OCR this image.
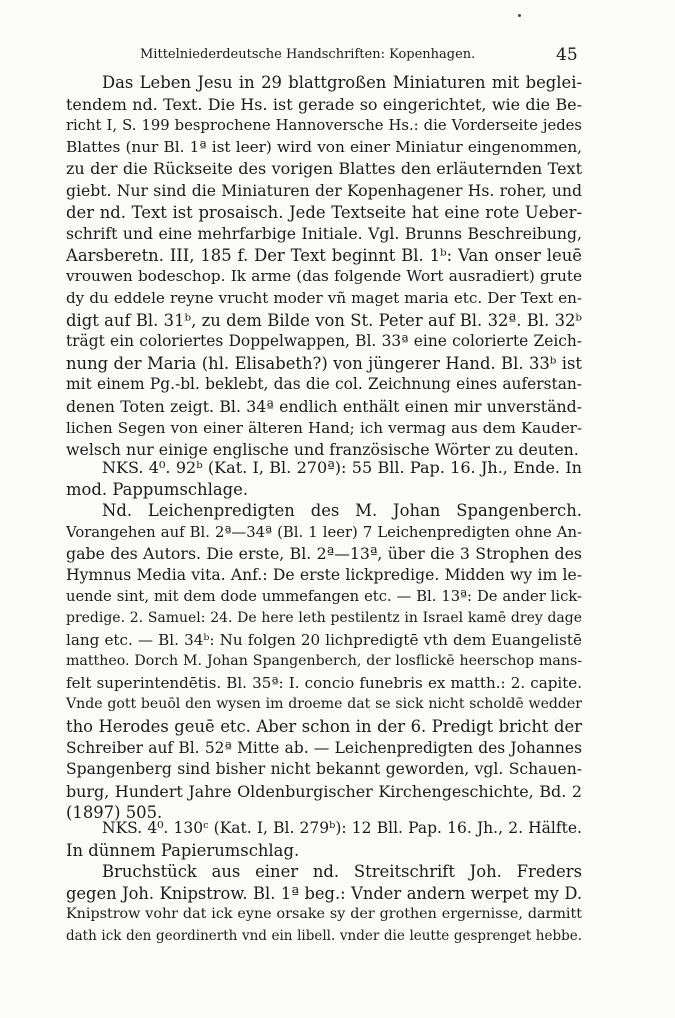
Mittelniederdeutsche Handschriften: Kopenhagen.	45
Das Leben Jesu in 29 blattgroßen Miniaturen mit beglei-
tendem nd. Text. Die Hs. ist gerade so eingerichtet, wie die Be-
richt I, S. 199 besprochene Hannoversche Hs.: die Vorderseite jedes
Blattes (nur Bl. 1ª ist leer) wird von einer Miniatur eingenommen,
zu der die Rückseite des vorigen Blattes den erläuternden Text
giebt. Nur sind die Miniaturen der Kopenhagener Hs. roher, und
der nd. Text ist prosaisch. Jede Textseite hat eine rote Ueber-
schrift und eine mehrfarbige Initiale. Vgl. Brunns Beschreibung,
Aarsberetn. III, 185 f. Der Text beginnt Bl. 1ᵇ: Van onser leuē
vrouwen bodeschop. Ik arme (das folgende Wort ausradiert) grute
dy du eddele reyne vrucht moder vñ maget maria etc. Der Text en-
digt auf Bl. 31ᵇ, zu dem Bilde von St. Peter auf Bl. 32ª. Bl. 32ᵇ
trägt ein coloriertes Doppelwappen, Bl. 33ª eine colorierte Zeich-
nung der Maria (hl. Elisabeth?) von jüngerer Hand. Bl. 33ᵇ ist
mit einem Pg.-bl. beklebt, das die col. Zeichnung eines auferstan-
denen Toten zeigt. Bl. 34ª endlich enthält einen mir unverständ-
lichen Segen von einer älteren Hand; ich vermag aus dem Kauder-
welsch nur einige englische und französische Wörter zu deuten.
NKS. 4⁰. 92ᵇ (Kat. I, Bl. 270ª): 55 Bll. Pap. 16. Jh., Ende. In
mod. Pappumschlage.
Nd. Leichenpredigten des M. Johan Spangenberch.
Vorangehen auf Bl. 2ª—34ª (Bl. 1 leer) 7 Leichenpredigten ohne An-
gabe des Autors. Die erste, Bl. 2ª—13ª, über die 3 Strophen des
Hymnus Media vita. Anf.: De erste lickpredige. Midden wy im le-
uende sint, mit dem dode ummefangen etc. — Bl. 13ª: De ander lick-
predige. 2. Samuel: 24. De here leth pestilentz in Israel kamē drey dage
lang etc. — Bl. 34ᵇ: Nu folgen 20 lichpredigtē vth dem Euangelistē
mattheo. Dorch M. Johan Spangenberch, der losflickē heerschop mans-
felt superintendētis. Bl. 35ª: I. concio funebris ex matth.: 2. capite.
Vnde gott beuōl den wysen im droeme dat se sick nicht scholdē wedder
tho Herodes geuē etc. Aber schon in der 6. Predigt bricht der
Schreiber auf Bl. 52ª Mitte ab. — Leichenpredigten des Johannes
Spangenberg sind bisher nicht bekannt geworden, vgl. Schauen-
burg, Hundert Jahre Oldenburgischer Kirchengeschichte, Bd. 2
(1897) 505.
NKS. 4⁰. 130ᶜ (Kat. I, Bl. 279ᵇ): 12 Bll. Pap. 16. Jh., 2. Hälfte.
In dünnem Papierumschlag.
Bruchstück aus einer nd. Streitschrift Joh. Freders
gegen Joh. Knipstrow. Bl. 1ª beg.: Vnder andern werpet my D.
Knipstrow vohr dat ick eyne orsake sy der grothen ergernisse, darmitt
dath ick den geordinerth vnd ein libell. vnder die leutte gesprenget hebbe.
